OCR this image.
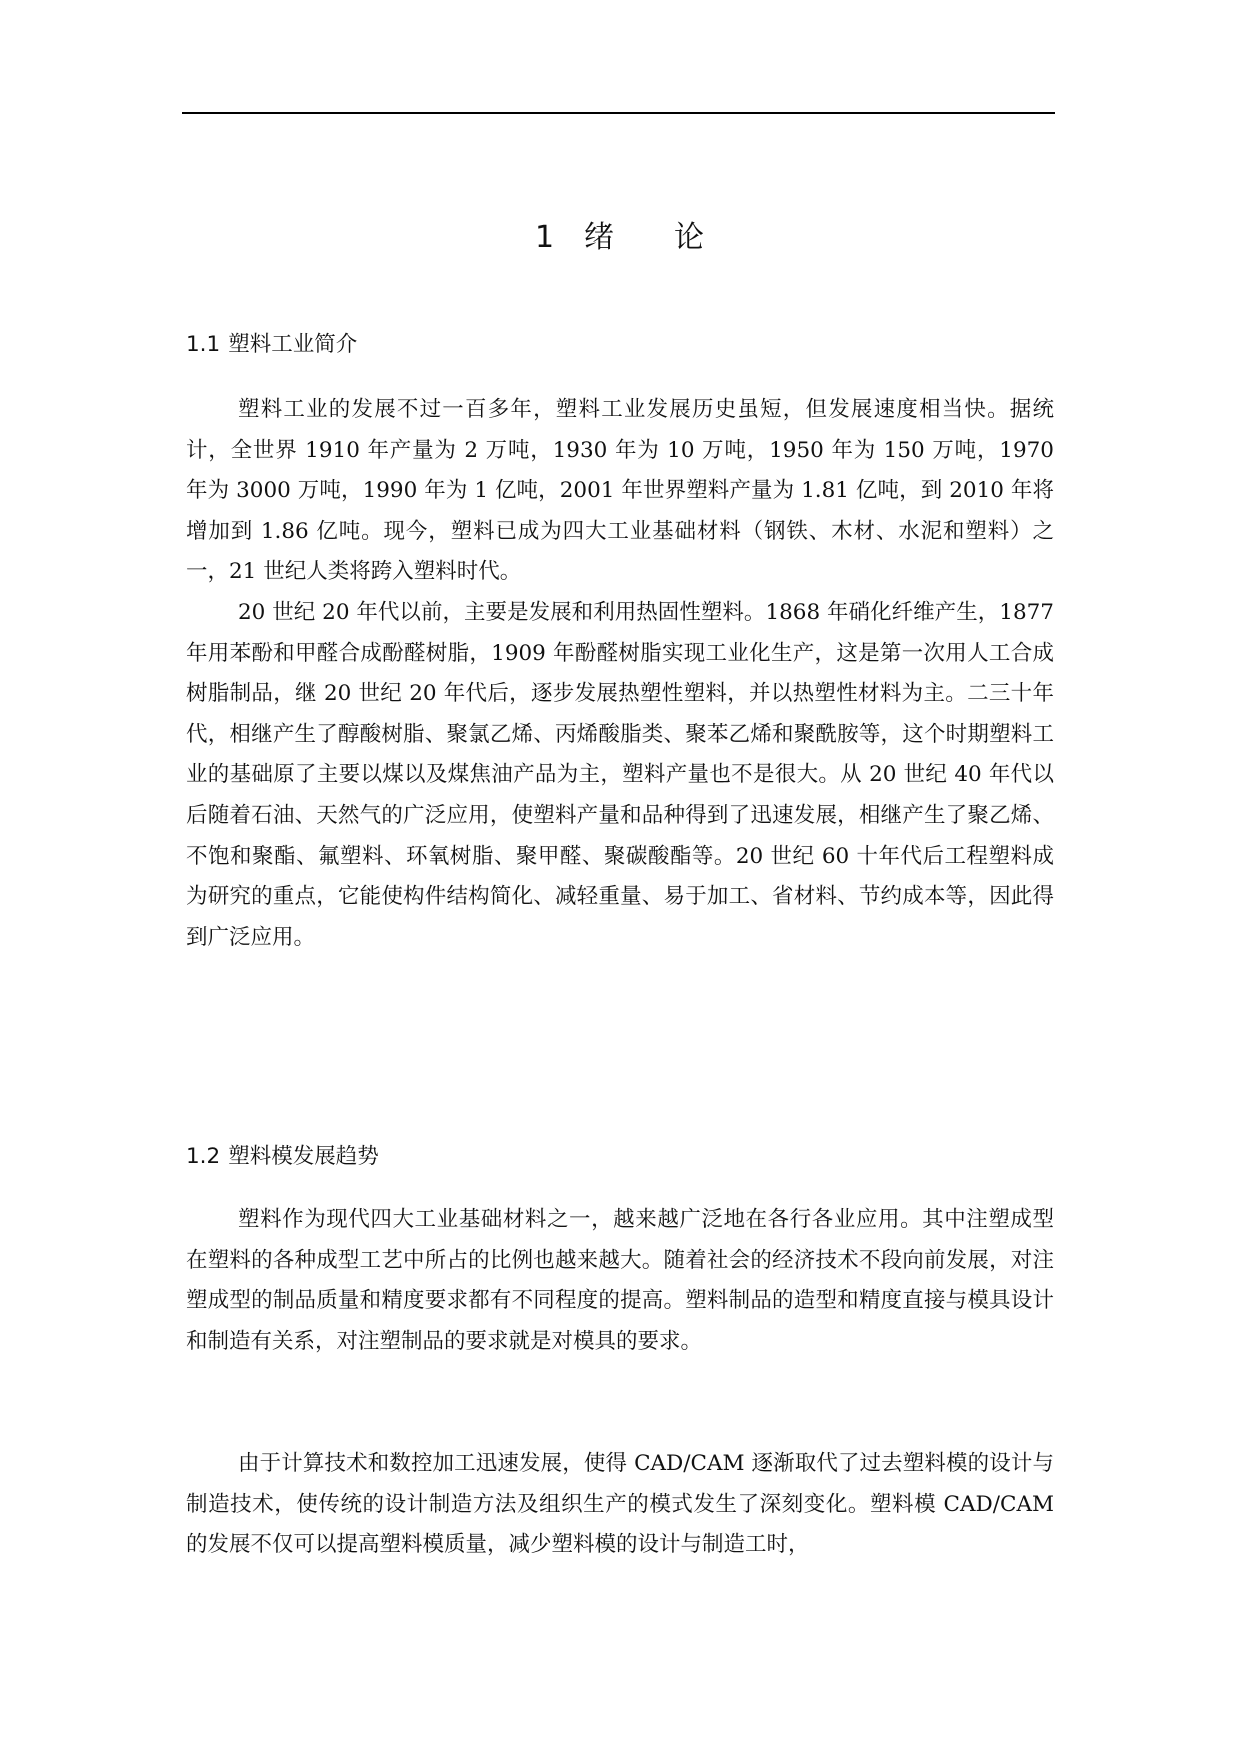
1 绪 论
1.1 塑料工业简介

塑料工业的发展不过一百多年，塑料工业发展历史虽短，但发展速度相当快。据统计，全世界 1910 年产量为 2 万吨，1930 年为 10 万吨，1950 年为 150 万吨，1970 年为 3000 万吨，1990 年为 1 亿吨，2001 年世界塑料产量为 1.81 亿吨，到 2010 年将增加到 1.86 亿吨。现今，塑料已成为四大工业基础材料（钢铁、木材、水泥和塑料）之一，21 世纪人类将跨入塑料时代。

20 世纪 20 年代以前，主要是发展和利用热固性塑料。1868 年硝化纤维产生，1877 年用苯酚和甲醛合成酚醛树脂，1909 年酚醛树脂实现工业化生产，这是第一次用人工合成树脂制品，继 20 世纪 20 年代后，逐步发展热塑性塑料，并以热塑性材料为主。二三十年代，相继产生了醇酸树脂、聚氯乙烯、丙烯酸脂类、聚苯乙烯和聚酰胺等，这个时期塑料工业的基础原了主要以煤以及煤焦油产品为主，塑料产量也不是很大。从 20 世纪 40 年代以后随着石油、天然气的广泛应用，使塑料产量和品种得到了迅速发展，相继产生了聚乙烯、不饱和聚酯、氟塑料、环氧树脂、聚甲醛、聚碳酸酯等。20 世纪 60 十年代后工程塑料成为研究的重点，它能使构件结构简化、减轻重量、易于加工、省材料、节约成本等，因此得到广泛应用。

1.2 塑料模发展趋势

塑料作为现代四大工业基础材料之一，越来越广泛地在各行各业应用。其中注塑成型在塑料的各种成型工艺中所占的比例也越来越大。随着社会的经济技术不段向前发展，对注塑成型的制品质量和精度要求都有不同程度的提高。塑料制品的造型和精度直接与模具设计和制造有关系，对注塑制品的要求就是对模具的要求。

由于计算技术和数控加工迅速发展，使得 CAD/CAM 逐渐取代了过去塑料模的设计与制造技术，使传统的设计制造方法及组织生产的模式发生了深刻变化。塑料模 CAD/CAM 的发展不仅可以提高塑料模质量，减少塑料模的设计与制造工时，
